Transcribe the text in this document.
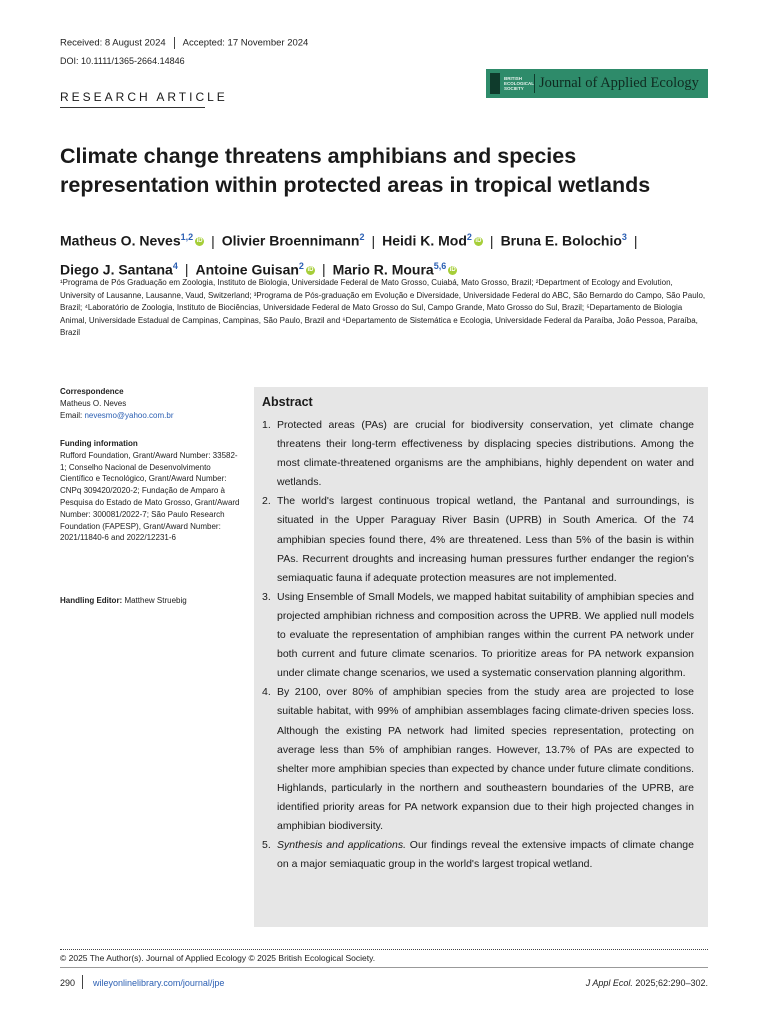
Received: 8 August 2024 Accepted: 17 November 2024
DOI: 10.1111/1365-2664.14846
RESEARCH ARTICLE
BRITISH ECOLOGICAL SOCIETY	Journal of Applied Ecology
Climate change threatens amphibians and species representation within protected areas in tropical wetlands
Matheus O. Neves$^{1,2}$ iD | Olivier Broennimann$^2$ | Heidi K. Mod$^2$ iD | Bruna E. Bolochio$^3$ |
Diego J. Santana$^4$ | Antoine Guisan$^2$ iD | Mario R. Moura$^{5,6}$ iD
¹Programa de Pós Graduação em Zoologia, Instituto de Biologia, Universidade Federal de Mato Grosso, Cuiabá, Mato Grosso, Brazil; ²Department of Ecology and Evolution, University of Lausanne, Lausanne, Vaud, Switzerland; ³Programa de Pós-graduação em Evolução e Diversidade, Universidade Federal do ABC, São Bernardo do Campo, São Paulo, Brazil; ⁴Laboratório de Zoologia, Instituto de Biociências, Universidade Federal de Mato Grosso do Sul, Campo Grande, Mato Grosso do Sul, Brazil; ⁵Departamento de Biologia Animal, Universidade Estadual de Campinas, Campinas, São Paulo, Brazil and ⁶Departamento de Sistemática e Ecologia, Universidade Federal da Paraíba, João Pessoa, Paraíba, Brazil
Correspondence
Matheus O. Neves
Email: nevesmo@yahoo.com.br
Funding information
Rufford Foundation, Grant/Award Number: 33582-1; Conselho Nacional de Desenvolvimento Científico e Tecnológico, Grant/Award Number: CNPq 309420/2020-2; Fundação de Amparo à Pesquisa do Estado de Mato Grosso, Grant/Award Number: 300081/2022-7; São Paulo Research Foundation (FAPESP), Grant/Award Number: 2021/11840-6 and 2022/12231-6
Handling Editor: Matthew Struebig
Abstract
1. Protected areas (PAs) are crucial for biodiversity conservation, yet climate change threatens their long-term effectiveness by displacing species distributions. Among the most climate-threatened organisms are the amphibians, highly dependent on water and wetlands.
2. The world's largest continuous tropical wetland, the Pantanal and surroundings, is situated in the Upper Paraguay River Basin (UPRB) in South America. Of the 74 amphibian species found there, 4% are threatened. Less than 5% of the basin is within PAs. Recurrent droughts and increasing human pressures further endanger the region's semiaquatic fauna if adequate protection measures are not implemented.
3. Using Ensemble of Small Models, we mapped habitat suitability of amphibian species and projected amphibian richness and composition across the UPRB. We applied null models to evaluate the representation of amphibian ranges within the current PA network under both current and future climate scenarios. To prioritize areas for PA network expansion under climate change scenarios, we used a systematic conservation planning algorithm.
4. By 2100, over 80% of amphibian species from the study area are projected to lose suitable habitat, with 99% of amphibian assemblages facing climate-driven species loss. Although the existing PA network had limited species representation, protecting on average less than 5% of amphibian ranges. However, 13.7% of PAs are expected to shelter more amphibian species than expected by chance under future climate conditions. Highlands, particularly in the northern and southeastern boundaries of the UPRB, are identified priority areas for PA network expansion due to their high projected changes in amphibian biodiversity.
5. Synthesis and applications. Our findings reveal the extensive impacts of climate change on a major semiaquatic group in the world's largest tropical wetland.
© 2025 The Author(s). Journal of Applied Ecology © 2025 British Ecological Society.
290 wileyonlinelibrary.com/journal/jpe	J Appl Ecol. 2025;62:290–302.
